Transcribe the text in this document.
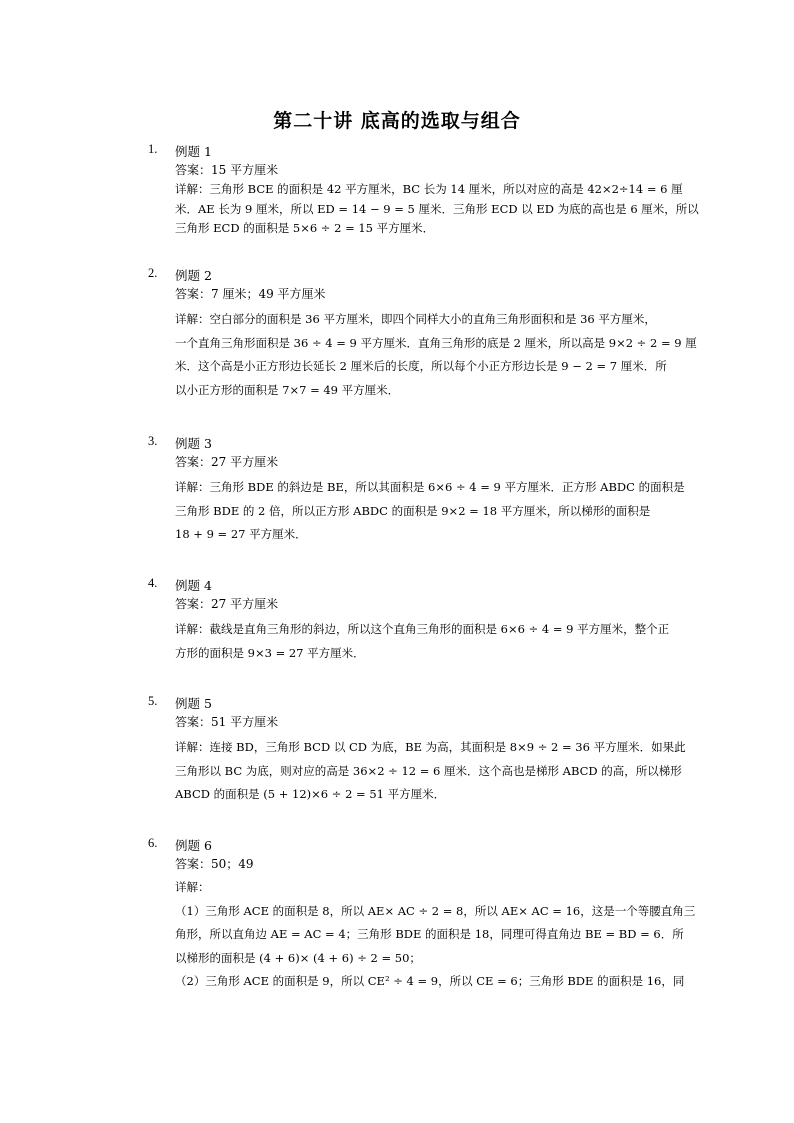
第二十讲 底高的选取与组合
1. 例题 1
答案：15 平方厘米
详解：三角形 BCE 的面积是 42 平方厘米，BC 长为 14 厘米，所以对应的高是 42×2÷14 = 6 厘
米．AE 长为 9 厘米，所以 ED = 14 − 9 = 5 厘米．三角形 ECD 以 ED 为底的高也是 6 厘米，所以
三角形 ECD 的面积是 5×6 ÷ 2 = 15 平方厘米．
2. 例题 2
答案：7 厘米；49 平方厘米
详解：空白部分的面积是 36 平方厘米，即四个同样大小的直角三角形面积和是 36 平方厘米，
一个直角三角形面积是 36 ÷ 4 = 9 平方厘米．直角三角形的底是 2 厘米，所以高是 9×2 ÷ 2 = 9 厘
米．这个高是小正方形边长延长 2 厘米后的长度，所以每个小正方形边长是 9 − 2 = 7 厘米．所
以小正方形的面积是 7×7 = 49 平方厘米．
3. 例题 3
答案：27 平方厘米
详解：三角形 BDE 的斜边是 BE，所以其面积是 6×6 ÷ 4 = 9 平方厘米．正方形 ABDC 的面积是
三角形 BDE 的 2 倍，所以正方形 ABDC 的面积是 9×2 = 18 平方厘米，所以梯形的面积是
18 + 9 = 27 平方厘米．
4. 例题 4
答案：27 平方厘米
详解：截线是直角三角形的斜边，所以这个直角三角形的面积是 6×6 ÷ 4 = 9 平方厘米，整个正
方形的面积是 9×3 = 27 平方厘米．
5. 例题 5
答案：51 平方厘米
详解：连接 BD，三角形 BCD 以 CD 为底，BE 为高，其面积是 8×9 ÷ 2 = 36 平方厘米．如果此
三角形以 BC 为底，则对应的高是 36×2 ÷ 12 = 6 厘米．这个高也是梯形 ABCD 的高，所以梯形
ABCD 的面积是 (5 + 12)×6 ÷ 2 = 51 平方厘米．
6. 例题 6
答案：50；49
详解：
（1）三角形 ACE 的面积是 8，所以 AE× AC ÷ 2 = 8，所以 AE× AC = 16，这是一个等腰直角三
角形，所以直角边 AE = AC = 4；三角形 BDE 的面积是 18，同理可得直角边 BE = BD = 6．所
以梯形的面积是 (4 + 6)× (4 + 6) ÷ 2 = 50；
（2）三角形 ACE 的面积是 9，所以 CE² ÷ 4 = 9，所以 CE = 6；三角形 BDE 的面积是 16，同
